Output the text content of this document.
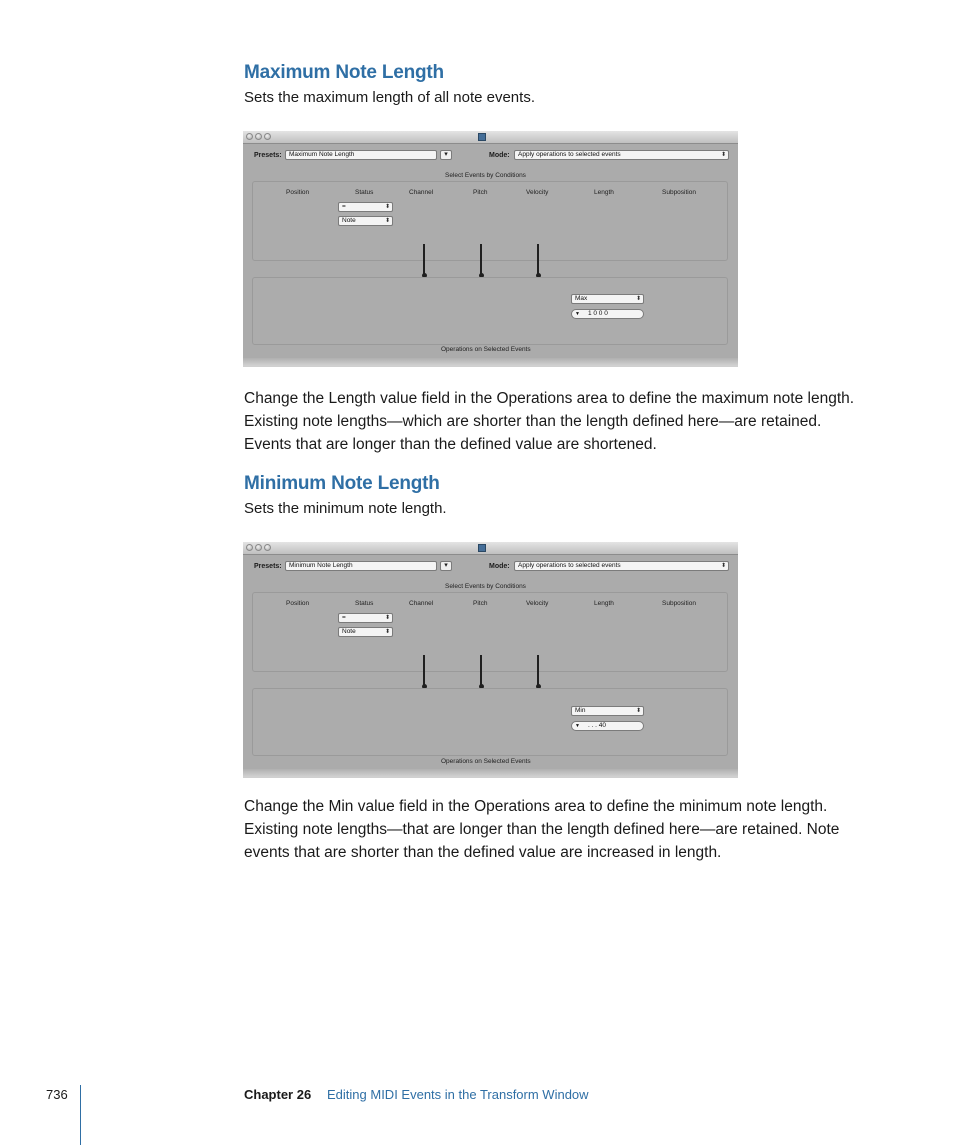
Maximum Note Length
Sets the maximum length of all note events.
Presets:	Maximum Note Length	▾	Mode:	Apply operations to selected events	⬍
Select Events by Conditions
Position	Status	Channel	Pitch	Velocity	Length	Subposition
=	⬍
Note	⬍
Max	⬍
▼ 1 0 0 0
Operations on Selected Events

Change the Length value field in the Operations area to define the maximum note length.

Existing note lengths—which are shorter than the length defined here—are retained.

Events that are longer than the defined value are shortened.

Minimum Note Length
Sets the minimum note length.
Presets:	Minimum Note Length	▾	Mode:	Apply operations to selected events	⬍
Select Events by Conditions
Position	Status	Channel	Pitch	Velocity	Length	Subposition
=	⬍
Note	⬍
Min	⬍
▼ . . . 40
Operations on Selected Events

Change the Min value field in the Operations area to define the minimum note length.

Existing note lengths—that are longer than the length defined here—are retained. Note

events that are shorter than the defined value are increased in length.

736	Chapter 26 Editing MIDI Events in the Transform Window
